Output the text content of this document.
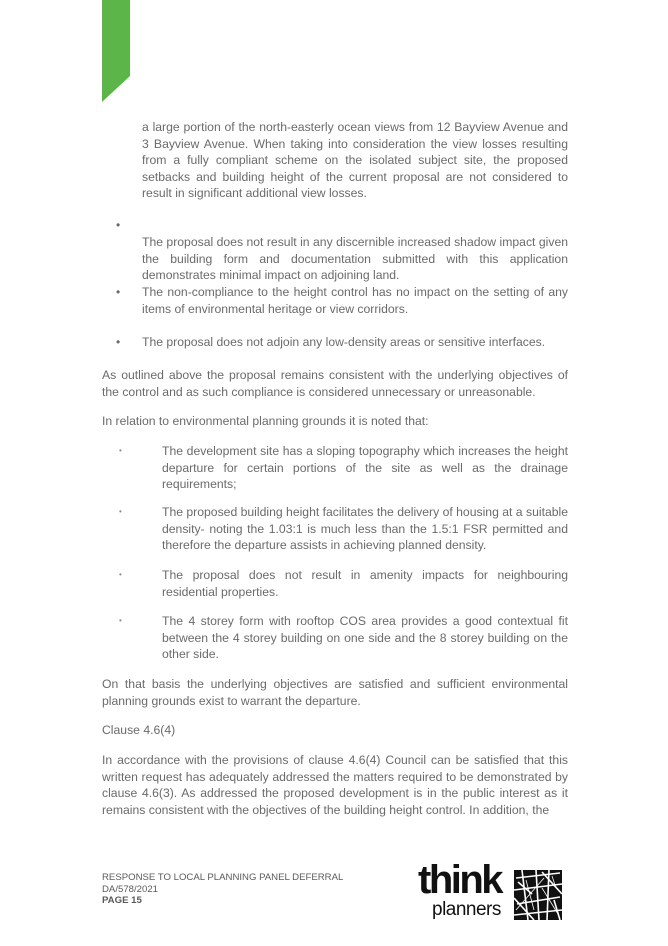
a large portion of the north-easterly ocean views from 12 Bayview Avenue and 3 Bayview Avenue. When taking into consideration the view losses resulting from a fully compliant scheme on the isolated subject site, the proposed setbacks and building height of the current proposal are not considered to result in significant additional view losses.

•

The proposal does not result in any discernible increased shadow impact given the building form and documentation submitted with this application demonstrates minimal impact on adjoining land.

• The non-compliance to the height control has no impact on the setting of any items of environmental heritage or view corridors.

• The proposal does not adjoin any low-density areas or sensitive interfaces.

As outlined above the proposal remains consistent with the underlying objectives of the control and as such compliance is considered unnecessary or unreasonable.

In relation to environmental planning grounds it is noted that:

•	The development site has a sloping topography which increases the height departure for certain portions of the site as well as the drainage requirements;

•	The proposed building height facilitates the delivery of housing at a suitable density- noting the 1.03:1 is much less than the 1.5:1 FSR permitted and therefore the departure assists in achieving planned density.

•	The proposal does not result in amenity impacts for neighbouring residential properties.

•	The 4 storey form with rooftop COS area provides a good contextual fit between the 4 storey building on one side and the 8 storey building on the other side.

On that basis the underlying objectives are satisfied and sufficient environmental planning grounds exist to warrant the departure.

Clause 4.6(4)

In accordance with the provisions of clause 4.6(4) Council can be satisfied that this written request has adequately addressed the matters required to be demonstrated by clause 4.6(3). As addressed the proposed development is in the public interest as it remains consistent with the objectives of the building height control. In addition, the

RESPONSE TO LOCAL PLANNING PANEL DEFERRAL
DA/578/2021
PAGE 15	think
planners
